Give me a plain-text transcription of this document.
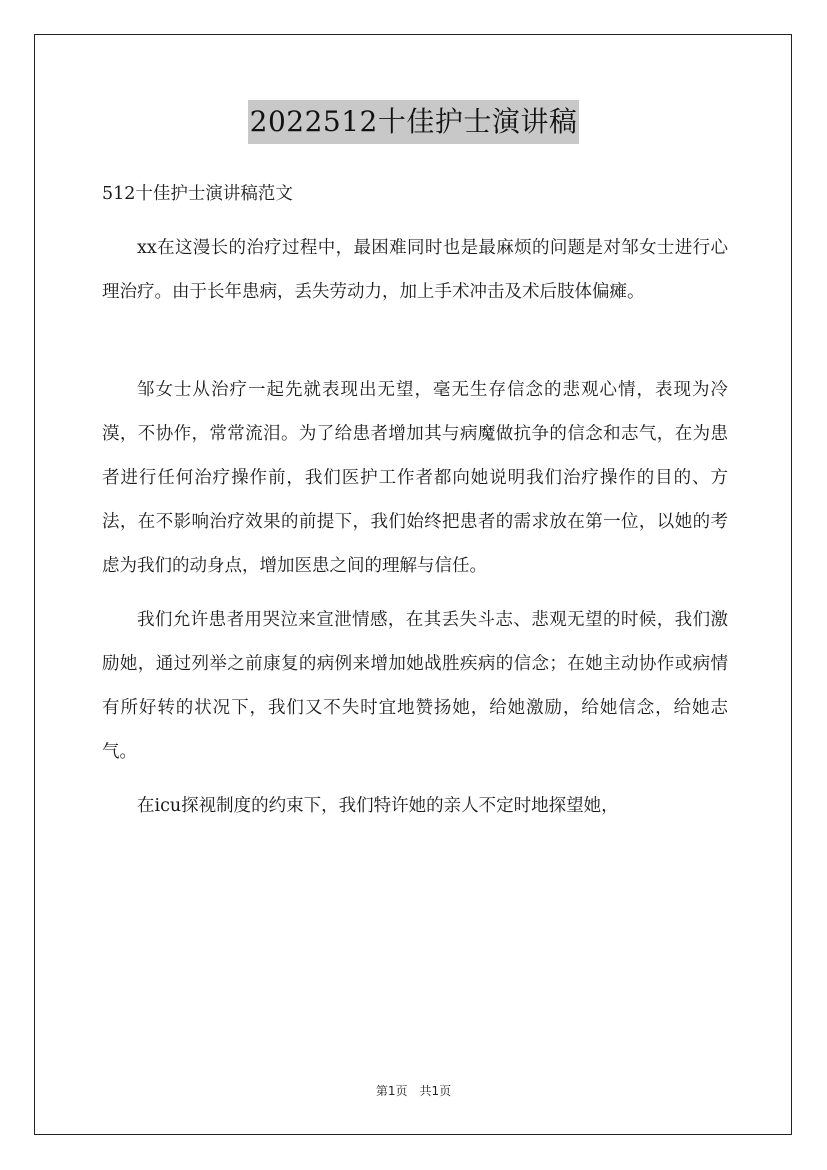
2022512十佳护士演讲稿

512十佳护士演讲稿范文

xx在这漫长的治疗过程中，最困难同时也是最麻烦的问题是对邹女士进行心理治疗。由于长年患病，丢失劳动力，加上手术冲击及术后肢体偏瘫。

邹女士从治疗一起先就表现出无望，毫无生存信念的悲观心情，表现为冷漠，不协作，常常流泪。为了给患者增加其与病魔做抗争的信念和志气，在为患者进行任何治疗操作前，我们医护工作者都向她说明我们治疗操作的目的、方法，在不影响治疗效果的前提下，我们始终把患者的需求放在第一位，以她的考虑为我们的动身点，增加医患之间的理解与信任。

我们允许患者用哭泣来宣泄情感，在其丢失斗志、悲观无望的时候，我们激励她，通过列举之前康复的病例来增加她战胜疾病的信念；在她主动协作或病情有所好转的状况下，我们又不失时宜地赞扬她，给她激励，给她信念，给她志气。

在icu探视制度的约束下，我们特许她的亲人不定时地探望她，

第1页 共1页
